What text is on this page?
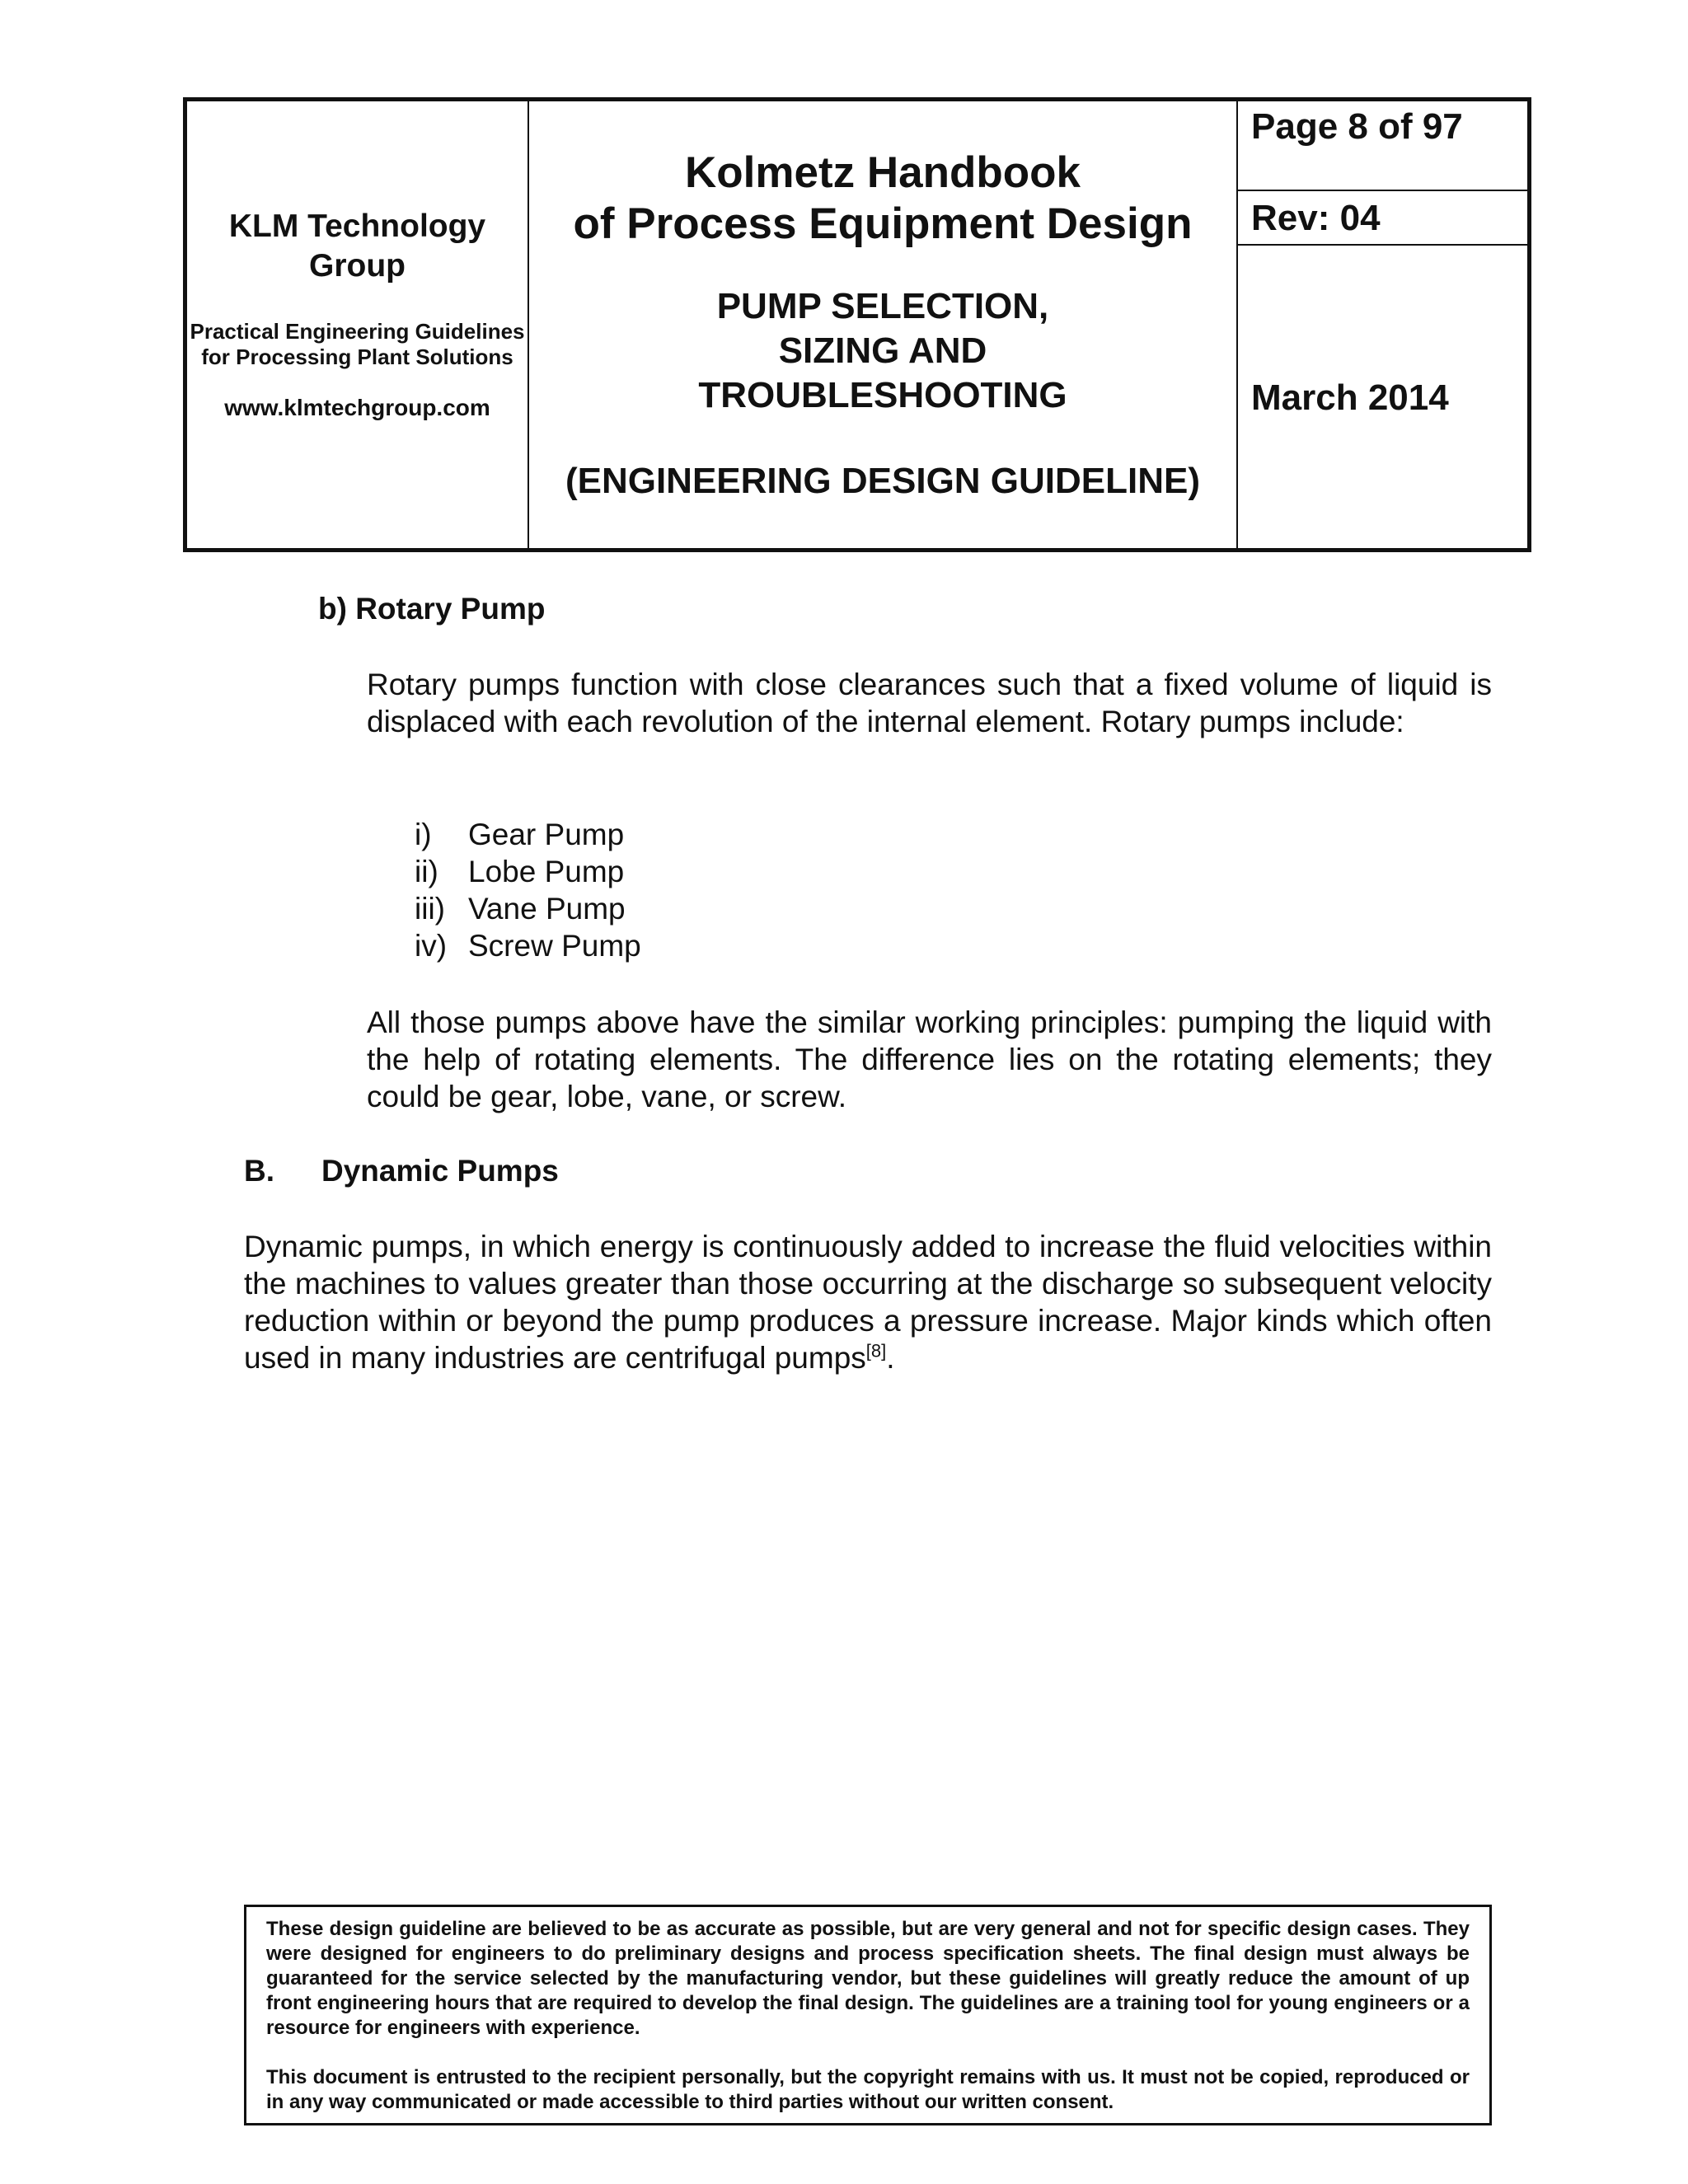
KLM Technology Group
Practical Engineering Guidelines for Processing Plant Solutions
www.klmtechgroup.com
Kolmetz Handbook
of Process Equipment Design
PUMP SELECTION,
SIZING AND
TROUBLESHOOTING
(ENGINEERING DESIGN GUIDELINE)
Page 8 of 97
Rev: 04
March 2014
b) Rotary Pump
Rotary pumps function with close clearances such that a fixed volume of liquid is displaced with each revolution of the internal element. Rotary pumps include:
i) Gear Pump
ii) Lobe Pump
iii) Vane Pump
iv) Screw Pump
All those pumps above have the similar working principles: pumping the liquid with the help of rotating elements. The difference lies on the rotating elements; they could be gear, lobe, vane, or screw.
B. Dynamic Pumps
Dynamic pumps, in which energy is continuously added to increase the fluid velocities within the machines to values greater than those occurring at the discharge so subsequent velocity reduction within or beyond the pump produces a pressure increase. Major kinds which often used in many industries are centrifugal pumps[8].

These design guideline are believed to be as accurate as possible, but are very general and not for specific design cases. They were designed for engineers to do preliminary designs and process specification sheets. The final design must always be guaranteed for the service selected by the manufacturing vendor, but these guidelines will greatly reduce the amount of up front engineering hours that are required to develop the final design. The guidelines are a training tool for young engineers or a resource for engineers with experience.

This document is entrusted to the recipient personally, but the copyright remains with us. It must not be copied, reproduced or in any way communicated or made accessible to third parties without our written consent.
